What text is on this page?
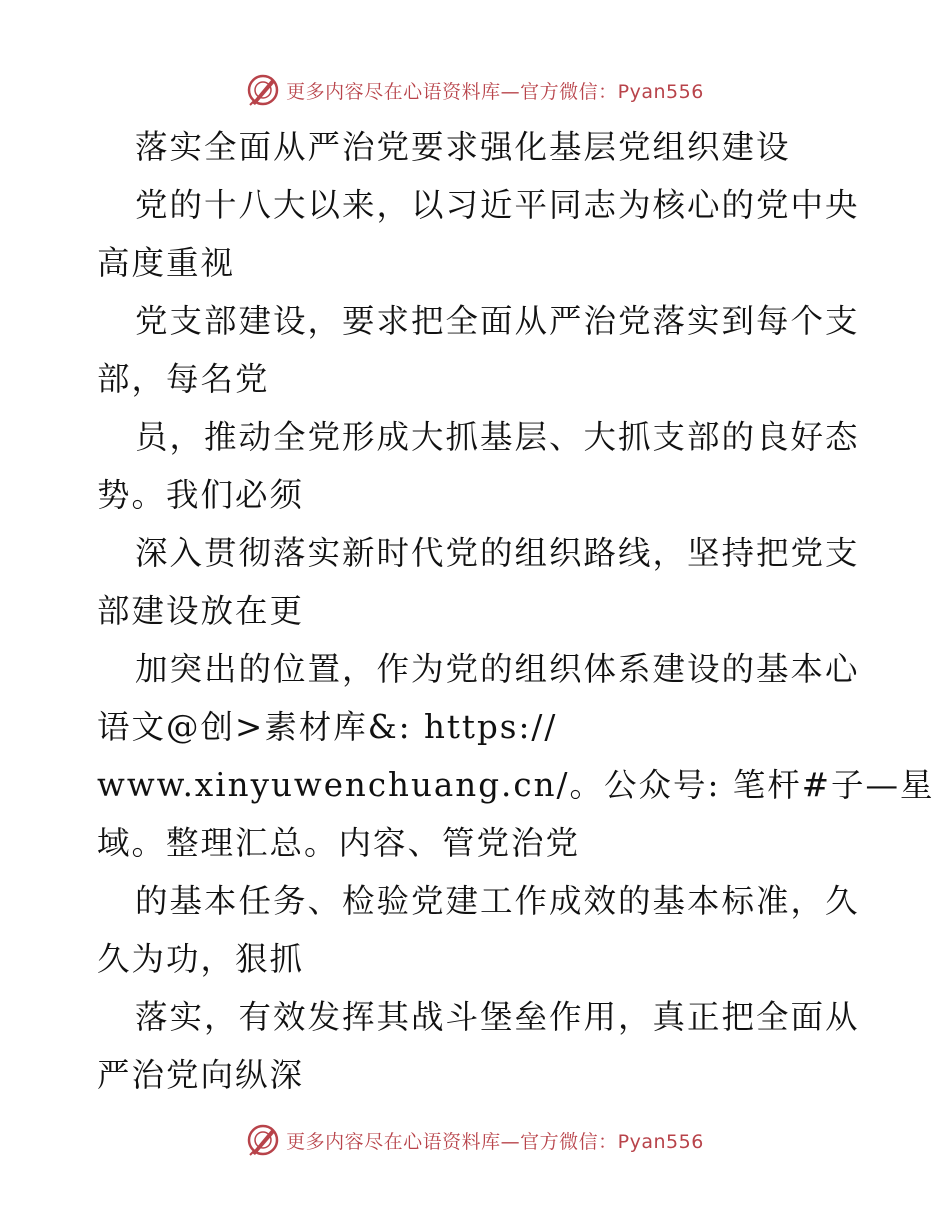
更多内容尽在心语资料库—官方微信：Pyan556
落实全面从严治党要求强化基层党组织建设
党的十八大以来，以习近平同志为核心的党中央
高度重视
党支部建设，要求把全面从严治党落实到每个支
部，每名党
员，推动全党形成大抓基层、大抓支部的良好态
势。我们必须
深入贯彻落实新时代党的组织路线，坚持把党支
部建设放在更
加突出的位置，作为党的组织体系建设的基本心
语文@创>素材库&: https://
www.xinyuwenchuang.cn/。公众号: 笔杆#子—星
域。整理汇总。内容、管党治党
的基本任务、检验党建工作成效的基本标准，久
久为功，狠抓
落实，有效发挥其战斗堡垒作用，真正把全面从
严治党向纵深
更多内容尽在心语资料库—官方微信：Pyan556
